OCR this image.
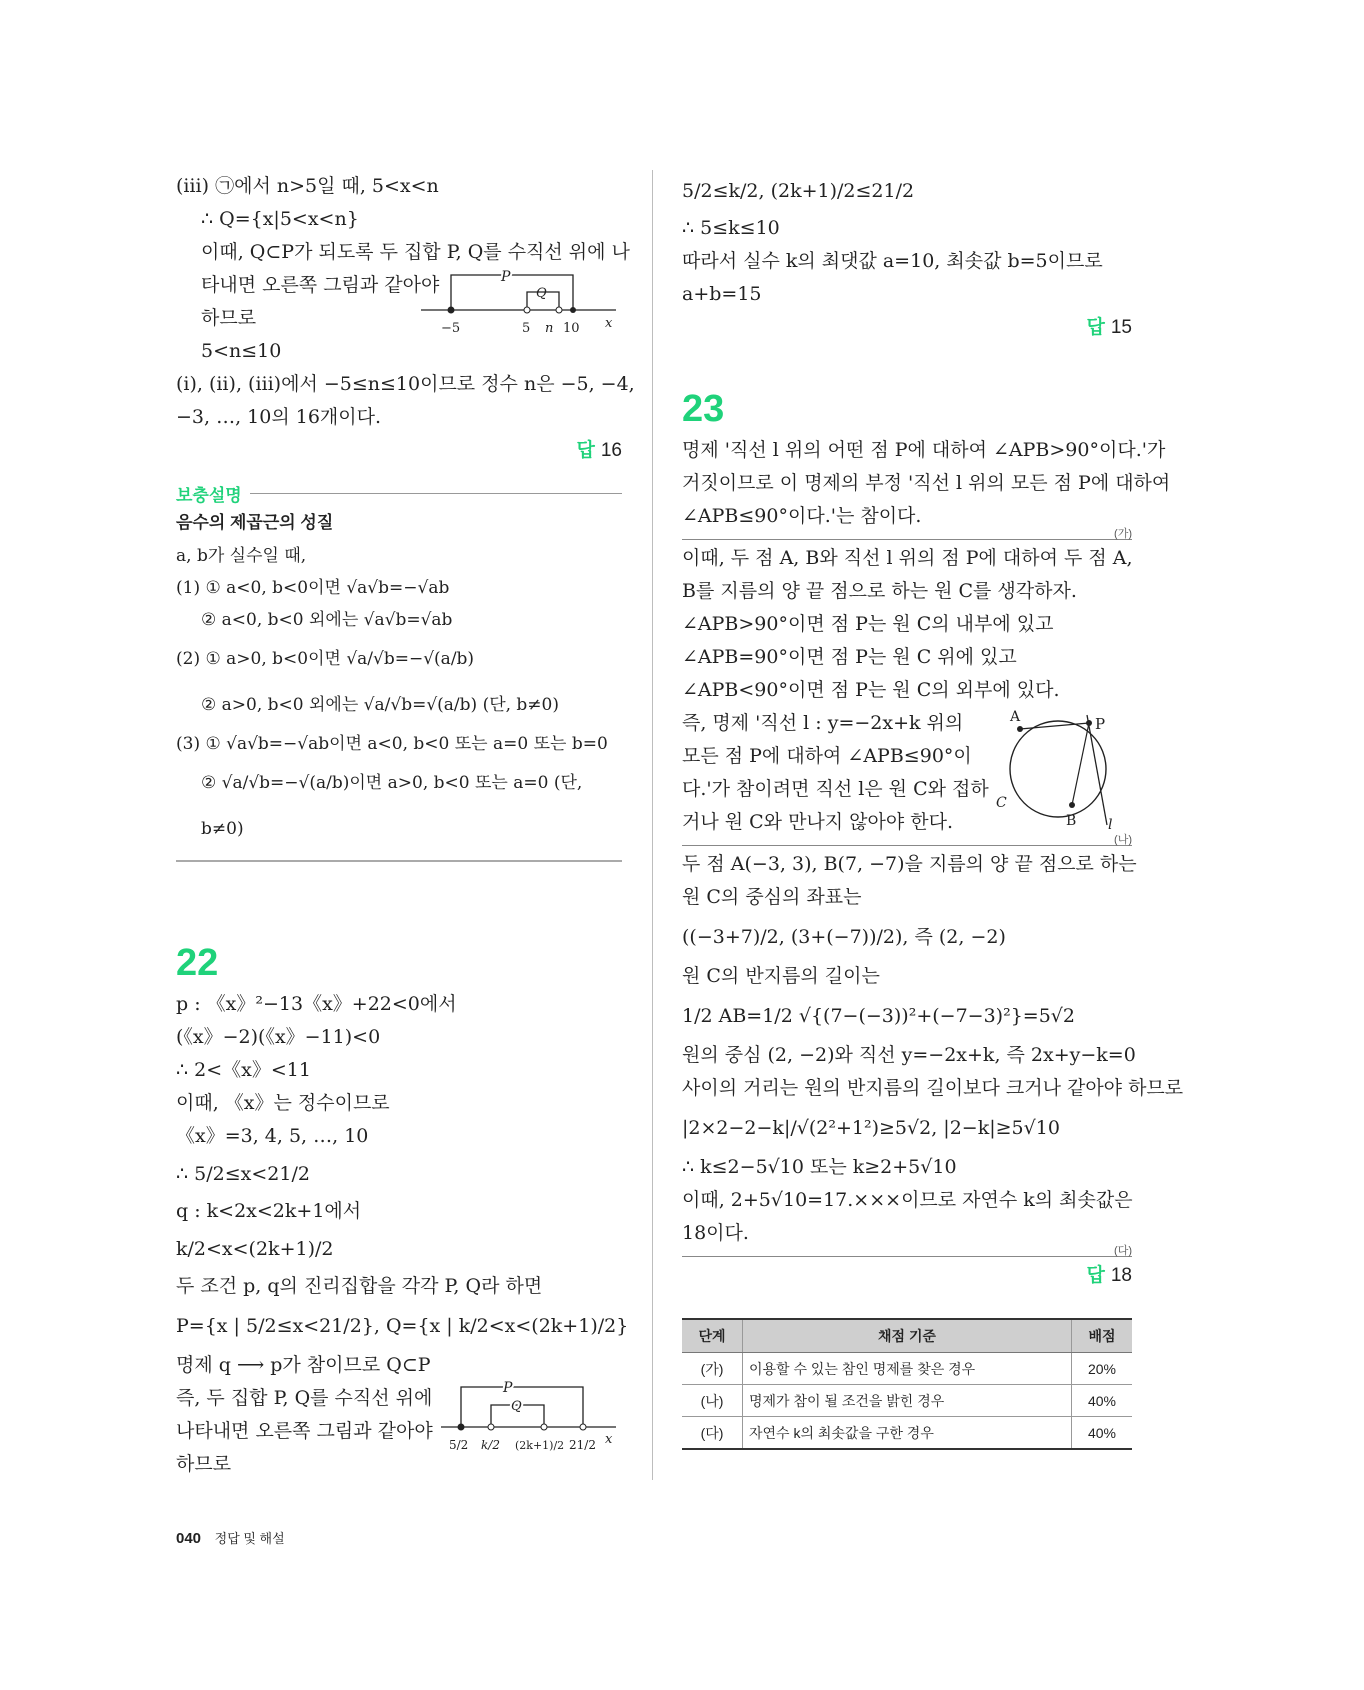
(ⅲ) ㉠에서 n>5일 때, 5<x<n
∴ Q={x|5<x<n}
이때, Q⊂P가 되도록 두 집합 P, Q를 수직선 위에 나
타내면 오른쪽 그림과 같아야
하므로
5<n≤10
P
Q
−5	5 n 10 x
(ⅰ), (ⅱ), (ⅲ)에서 −5≤n≤10이므로 정수 n은 −5, −4,
−3, …, 10의 16개이다.
답 16
보충설명
음수의 제곱근의 성질
a, b가 실수일 때,
(1) ① a<0, b<0이면 √a√b=−√ab
② a<0, b<0 외에는 √a√b=√ab
(2) ① a>0, b<0이면 √a/√b=−√(a/b)
② a>0, b<0 외에는 √a/√b=√(a/b) (단, b≠0)
(3) ① √a√b=−√ab이면 a<0, b<0 또는 a=0 또는 b=0
② √a/√b=−√(a/b)이면 a>0, b<0 또는 a=0 (단, b≠0)
22
p : 《x》²−13《x》+22<0에서
(《x》−2)(《x》−11)<0
∴ 2<《x》<11
이때, 《x》는 정수이므로
《x》=3, 4, 5, …, 10
∴ 5/2≤x<21/2
q : k<2x<2k+1에서
k/2<x<(2k+1)/2
두 조건 p, q의 진리집합을 각각 P, Q라 하면
P={x | 5/2≤x<21/2}, Q={x | k/2<x<(2k+1)/2}
명제 q ⟶ p가 참이므로 Q⊂P
즉, 두 집합 P, Q를 수직선 위에
나타내면 오른쪽 그림과 같아야
하므로
P
Q
5/2 k/2 (2k+1)/2 21/2 x
5/2≤k/2, (2k+1)/2≤21/2
∴ 5≤k≤10
따라서 실수 k의 최댓값 a=10, 최솟값 b=5이므로
a+b=15
답 15
23
명제 '직선 l 위의 어떤 점 P에 대하여 ∠APB>90°이다.'가
거짓이므로 이 명제의 부정 '직선 l 위의 모든 점 P에 대하여
∠APB≤90°이다.'는 참이다.
(가)
이때, 두 점 A, B와 직선 l 위의 점 P에 대하여 두 점 A,
B를 지름의 양 끝 점으로 하는 원 C를 생각하자.
∠APB>90°이면 점 P는 원 C의 내부에 있고
∠APB=90°이면 점 P는 원 C 위에 있고
∠APB<90°이면 점 P는 원 C의 외부에 있다.
즉, 명제 '직선 l : y=−2x+k 위의
모든 점 P에 대하여 ∠APB≤90°이
다.'가 참이려면 직선 l은 원 C와 접하
거나 원 C와 만나지 않아야 한다.
A	P
B
C
l
(나)
두 점 A(−3, 3), B(7, −7)을 지름의 양 끝 점으로 하는
원 C의 중심의 좌표는
((−3+7)/2, (3+(−7))/2), 즉 (2, −2)
원 C의 반지름의 길이는
1/2 AB=1/2 √{(7−(−3))²+(−7−3)²}=5√2
원의 중심 (2, −2)와 직선 y=−2x+k, 즉 2x+y−k=0
사이의 거리는 원의 반지름의 길이보다 크거나 같아야 하므로
|2×2−2−k|/√(2²+1²)≥5√2, |2−k|≥5√10
∴ k≤2−5√10 또는 k≥2+5√10
이때, 2+5√10=17.×××이므로 자연수 k의 최솟값은
18이다.
(다)
답 18
단계	채점 기준	배점
(가)	이용할 수 있는 참인 명제를 찾은 경우	20%
(나)	명제가 참이 될 조건을 밝힌 경우	40%
(다)	자연수 k의 최솟값을 구한 경우	40%
040 정답 및 해설
